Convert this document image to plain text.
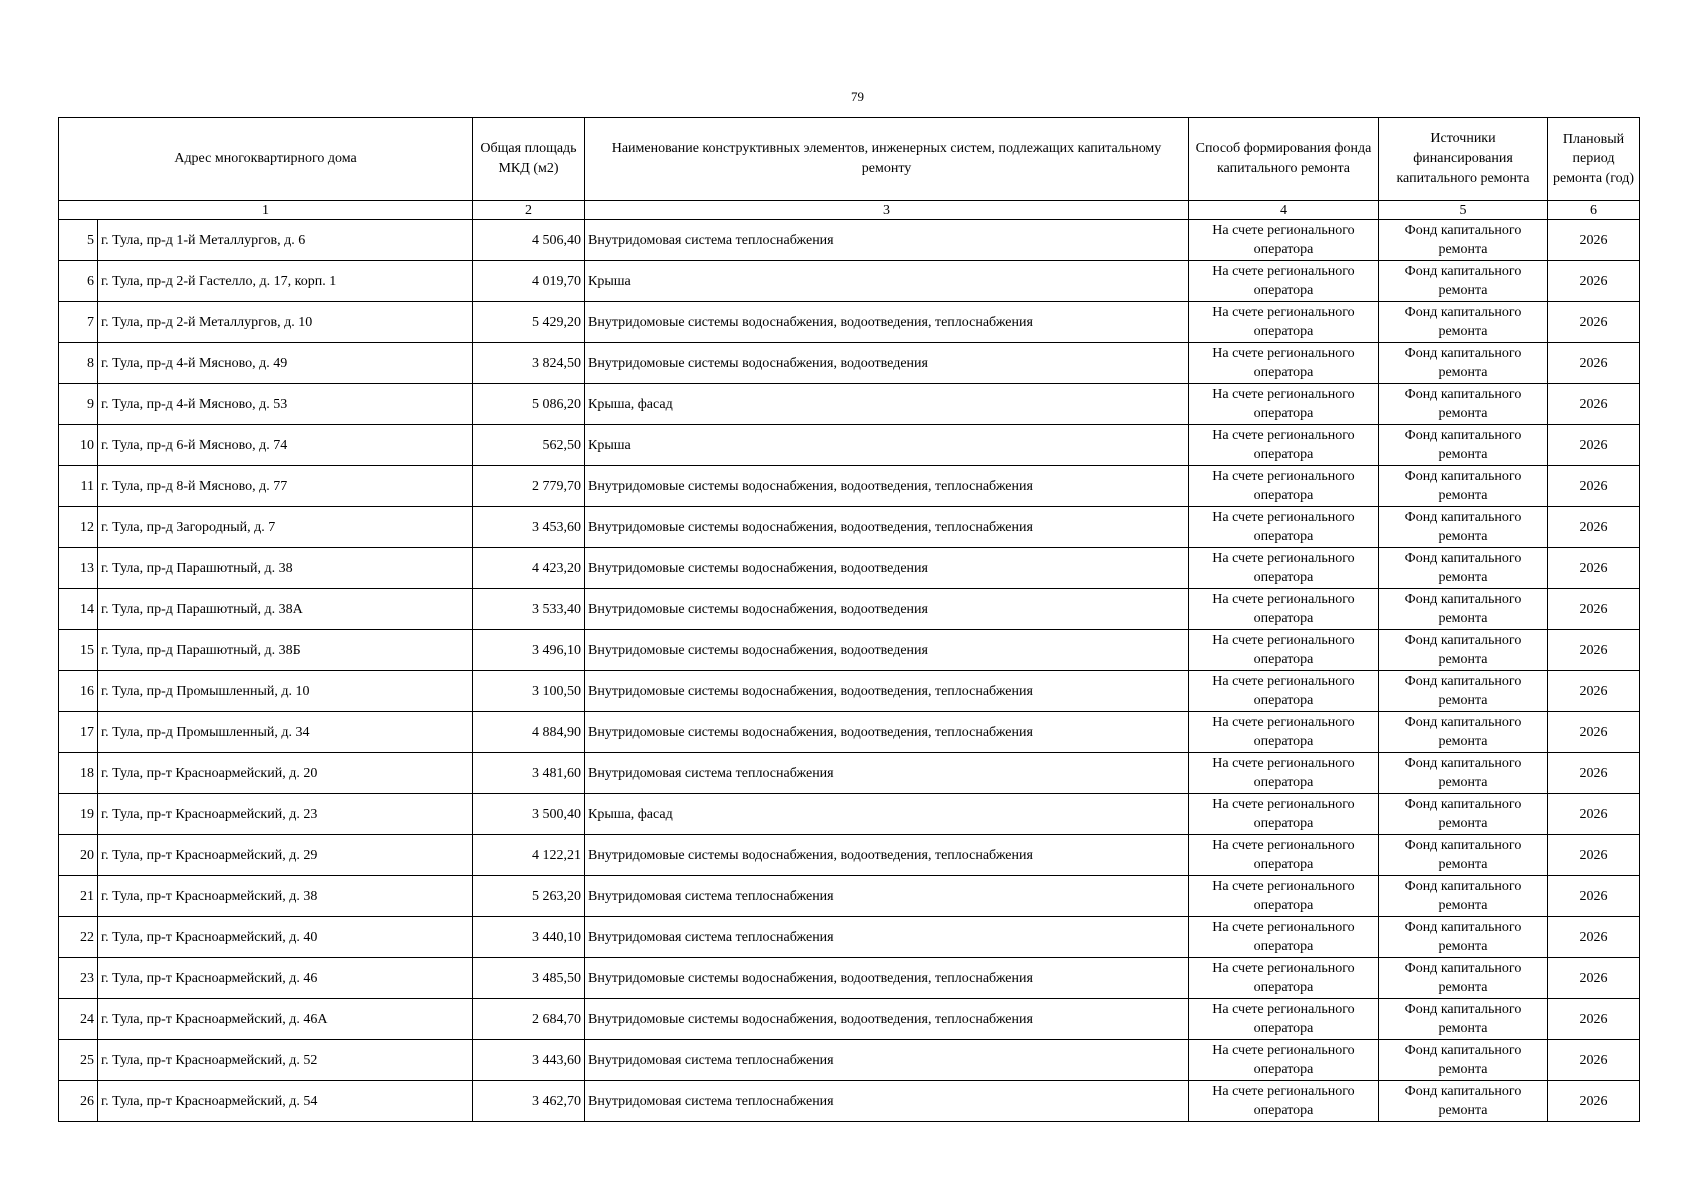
79
Адрес многоквартирного дома		Общая площадь МКД (м2)	Наименование конструктивных элементов, инженерных систем, подлежащих капитальному ремонту	Способ формирования фонда капитального ремонта	Источники финансирования капитального ремонта	Плановый период ремонта (год)
1		2	3	4	5	6
5	г. Тула, пр-д 1-й Металлургов, д. 6	4 506,40	Внутридомовая система теплоснабжения	На счете регионального оператора	Фонд капитального ремонта	2026
6	г. Тула, пр-д 2-й Гастелло, д. 17, корп. 1	4 019,70	Крыша	На счете регионального оператора	Фонд капитального ремонта	2026
7	г. Тула, пр-д 2-й Металлургов, д. 10	5 429,20	Внутридомовые системы водоснабжения, водоотведения, теплоснабжения	На счете регионального оператора	Фонд капитального ремонта	2026
8	г. Тула, пр-д 4-й Мясново, д. 49	3 824,50	Внутридомовые системы водоснабжения, водоотведения	На счете регионального оператора	Фонд капитального ремонта	2026
9	г. Тула, пр-д 4-й Мясново, д. 53	5 086,20	Крыша, фасад	На счете регионального оператора	Фонд капитального ремонта	2026
10	г. Тула, пр-д 6-й Мясново, д. 74	562,50	Крыша	На счете регионального оператора	Фонд капитального ремонта	2026
11	г. Тула, пр-д 8-й Мясново, д. 77	2 779,70	Внутридомовые системы водоснабжения, водоотведения, теплоснабжения	На счете регионального оператора	Фонд капитального ремонта	2026
12	г. Тула, пр-д Загородный, д. 7	3 453,60	Внутридомовые системы водоснабжения, водоотведения, теплоснабжения	На счете регионального оператора	Фонд капитального ремонта	2026
13	г. Тула, пр-д Парашютный, д. 38	4 423,20	Внутридомовые системы водоснабжения, водоотведения	На счете регионального оператора	Фонд капитального ремонта	2026
14	г. Тула, пр-д Парашютный, д. 38А	3 533,40	Внутридомовые системы водоснабжения, водоотведения	На счете регионального оператора	Фонд капитального ремонта	2026
15	г. Тула, пр-д Парашютный, д. 38Б	3 496,10	Внутридомовые системы водоснабжения, водоотведения	На счете регионального оператора	Фонд капитального ремонта	2026
16	г. Тула, пр-д Промышленный, д. 10	3 100,50	Внутридомовые системы водоснабжения, водоотведения, теплоснабжения	На счете регионального оператора	Фонд капитального ремонта	2026
17	г. Тула, пр-д Промышленный, д. 34	4 884,90	Внутридомовые системы водоснабжения, водоотведения, теплоснабжения	На счете регионального оператора	Фонд капитального ремонта	2026
18	г. Тула, пр-т Красноармейский, д. 20	3 481,60	Внутридомовая система теплоснабжения	На счете регионального оператора	Фонд капитального ремонта	2026
19	г. Тула, пр-т Красноармейский, д. 23	3 500,40	Крыша, фасад	На счете регионального оператора	Фонд капитального ремонта	2026
20	г. Тула, пр-т Красноармейский, д. 29	4 122,21	Внутридомовые системы водоснабжения, водоотведения, теплоснабжения	На счете регионального оператора	Фонд капитального ремонта	2026
21	г. Тула, пр-т Красноармейский, д. 38	5 263,20	Внутридомовая система теплоснабжения	На счете регионального оператора	Фонд капитального ремонта	2026
22	г. Тула, пр-т Красноармейский, д. 40	3 440,10	Внутридомовая система теплоснабжения	На счете регионального оператора	Фонд капитального ремонта	2026
23	г. Тула, пр-т Красноармейский, д. 46	3 485,50	Внутридомовые системы водоснабжения, водоотведения, теплоснабжения	На счете регионального оператора	Фонд капитального ремонта	2026
24	г. Тула, пр-т Красноармейский, д. 46А	2 684,70	Внутридомовые системы водоснабжения, водоотведения, теплоснабжения	На счете регионального оператора	Фонд капитального ремонта	2026
25	г. Тула, пр-т Красноармейский, д. 52	3 443,60	Внутридомовая система теплоснабжения	На счете регионального оператора	Фонд капитального ремонта	2026
26	г. Тула, пр-т Красноармейский, д. 54	3 462,70	Внутридомовая система теплоснабжения	На счете регионального оператора	Фонд капитального ремонта	2026
